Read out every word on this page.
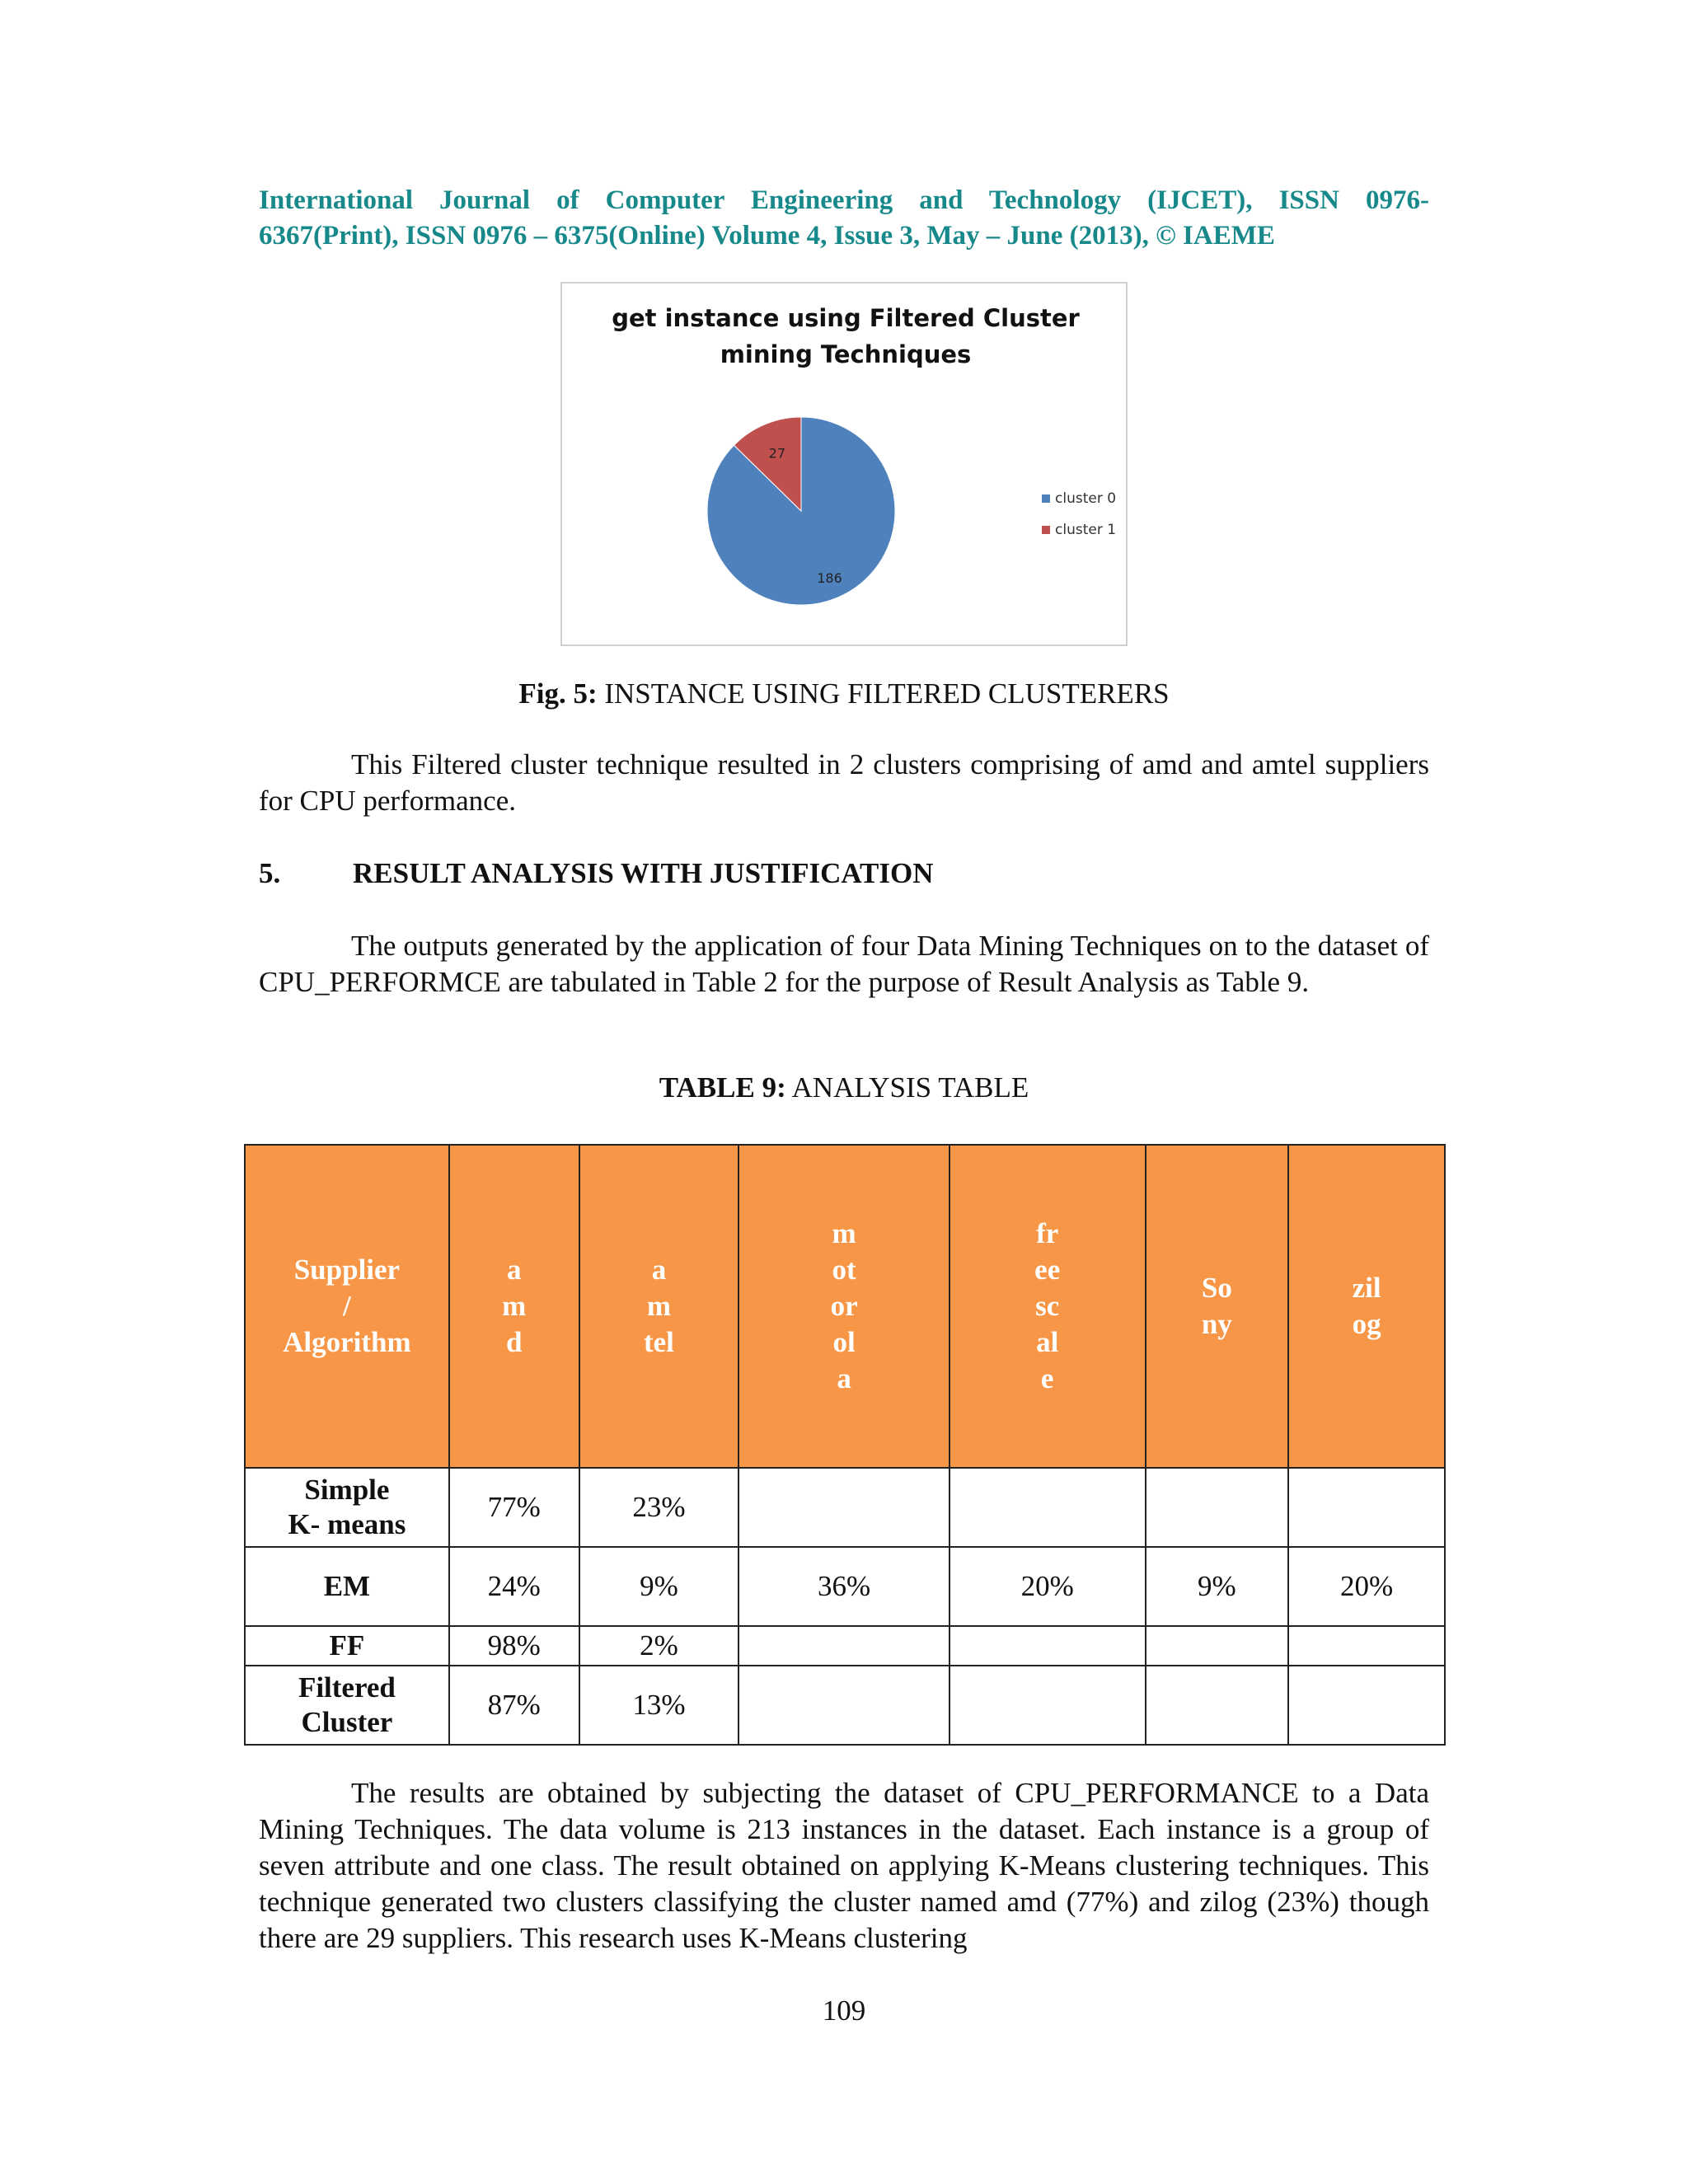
International Journal of Computer Engineering and Technology (IJCET), ISSN 0976-
6367(Print), ISSN 0976 – 6375(Online) Volume 4, Issue 3, May – June (2013), © IAEME
get instance using Filtered Cluster
mining Techniques
186
27
cluster 0
cluster 1
Fig. 5: INSTANCE USING FILTERED CLUSTERERS

This Filtered cluster technique resulted in 2 clusters comprising of amd and amtel suppliers for CPU performance.

5.	RESULT ANALYSIS WITH JUSTIFICATION

The outputs generated by the application of four Data Mining Techniques on to the dataset of CPU_PERFORMCE are tabulated in Table 2 for the purpose of Result Analysis as Table 9.

TABLE 9: ANALYSIS TABLE
Supplier
/
Algorithm	amd	amtel	motorola	freescale	Sony	zilog

Simple
K- means	77%	23%				
EM	24%	9%	36%	20%	9%	20%
FF	98%	2%				

Filtered
Cluster	87%	13%				

The results are obtained by subjecting the dataset of CPU_PERFORMANCE to a Data Mining Techniques. The data volume is 213 instances in the dataset. Each instance is a group of seven attribute and one class. The result obtained on applying K-Means clustering techniques. This technique generated two clusters classifying the cluster named amd (77%) and zilog (23%) though there are 29 suppliers. This research uses K-Means clustering

109
